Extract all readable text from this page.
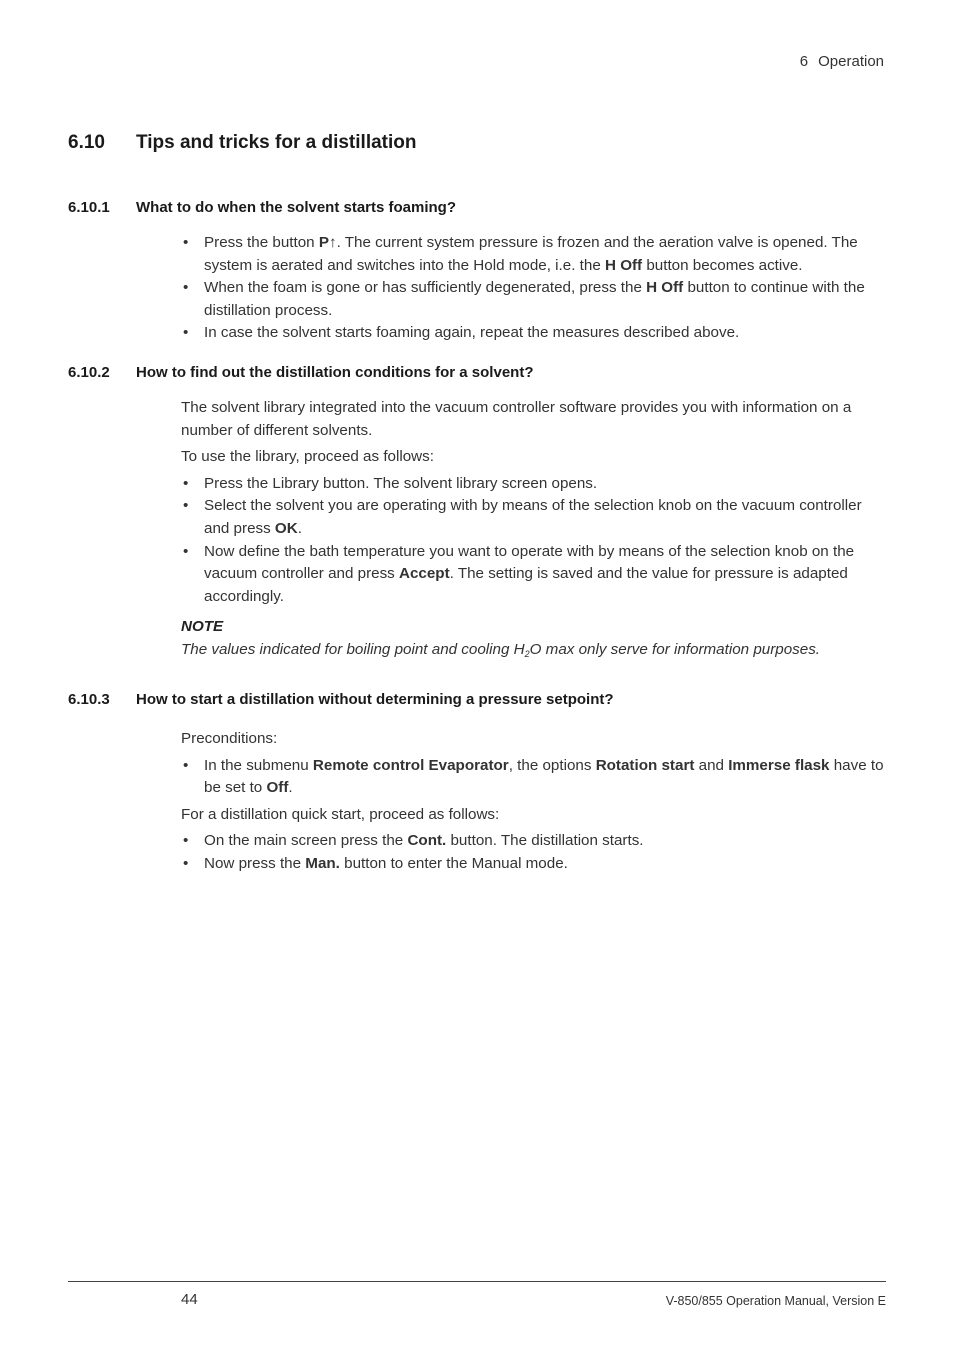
6 Operation
6.10 Tips and tricks for a distillation
6.10.1 What to do when the solvent starts foaming?
• Press the button P↑. The current system pressure is frozen and the aeration valve is opened. The system is aerated and switches into the Hold mode, i.e. the H Off button becomes active.
• When the foam is gone or has sufficiently degenerated, press the H Off button to continue with the distillation process.
• In case the solvent starts foaming again, repeat the measures described above.
6.10.2 How to find out the distillation conditions for a solvent?

The solvent library integrated into the vacuum controller software provides you with information on a number of different solvents.

To use the library, proceed as follows:

• Press the Library button. The solvent library screen opens.
• Select the solvent you are operating with by means of the selection knob on the vacuum controller and press OK.
• Now define the bath temperature you want to operate with by means of the selection knob on the vacuum controller and press Accept. The setting is saved and the value for pressure is adapted accordingly.
NOTE
The values indicated for boiling point and cooling $H_2O$ max only serve for information purposes.
6.10.3 How to start a distillation without determining a pressure setpoint?

Preconditions:

• In the submenu Remote control Evaporator, the options Rotation start and Immerse flask have to be set to Off.

For a distillation quick start, proceed as follows:

• On the main screen press the Cont. button. The distillation starts.
• Now press the Man. button to enter the Manual mode.
44	V-850/855 Operation Manual, Version E
